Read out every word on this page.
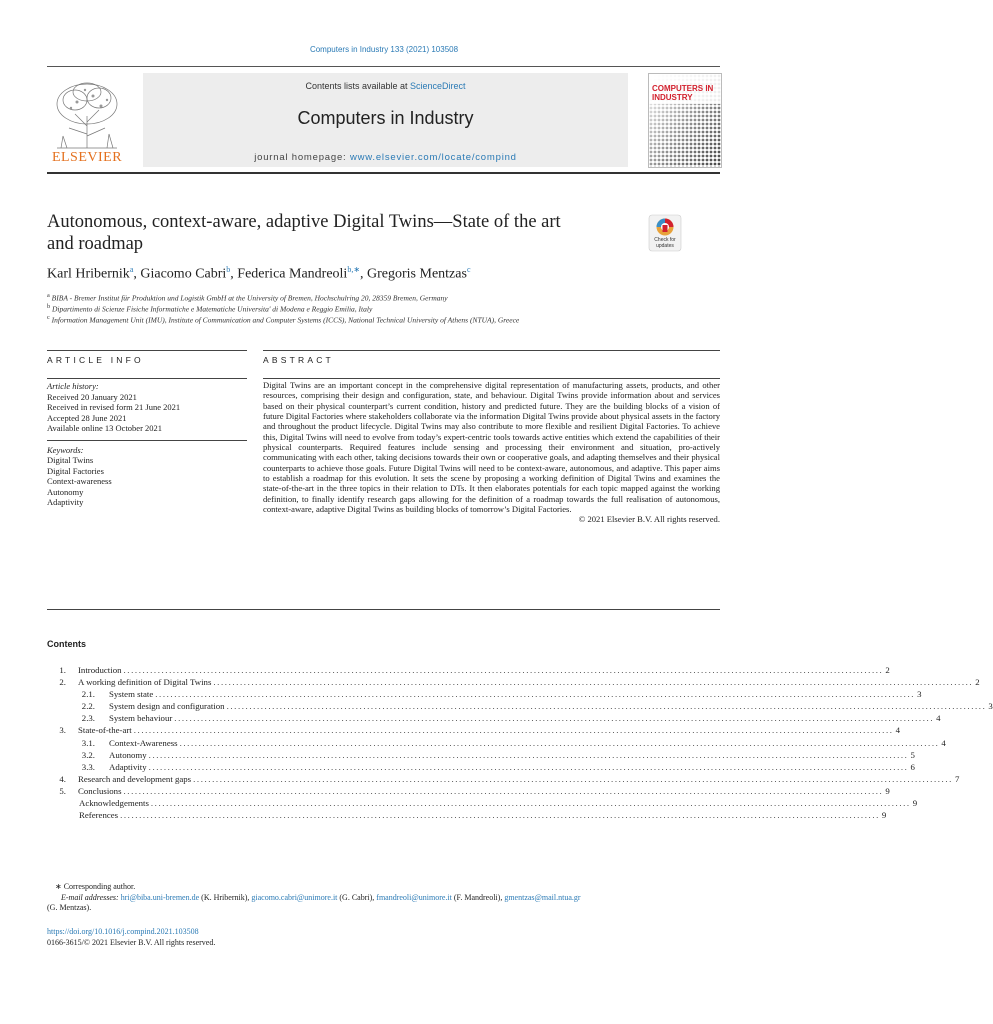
Computers in Industry 133 (2021) 103508
ELSEVIER
Contents lists available at ScienceDirect
Computers in Industry
journal homepage: www.elsevier.com/locate/compind
COMPUTERS IN
INDUSTRY
Autonomous, context-aware, adaptive Digital Twins—State of the art
and roadmap	Check for
updates
Karl Hribernik$^a$, Giacomo Cabri$^b$, Federica Mandreoli$^{b,∗}$, Gregoris Mentzas$^c$
$^a$ BIBA - Bremer Institut für Produktion und Logistik GmbH at the University of Bremen, Hochschulring 20, 28359 Bremen, Germany
$^b$ Dipartimento di Scienze Fisiche Informatiche e Matematiche Universita' di Modena e Reggio Emilia, Italy
$^c$ Information Management Unit (IMU), Institute of Communication and Computer Systems (ICCS), National Technical University of Athens (NTUA), Greece
ARTICLE INFO	ABSTRACT
Article history:
Received 20 January 2021
Received in revised form 21 June 2021
Accepted 28 June 2021
Available online 13 October 2021
Keywords:
Digital Twins
Digital Factories
Context-awareness
Autonomy
Adaptivity
Digital Twins are an important concept in the comprehensive digital representation of manufacturing assets, products, and other resources, comprising their design and configuration, state, and behaviour. Digital Twins provide information about and services based on their physical counterpart’s current condition, history and predicted future. They are the building blocks of a vision of future Digital Factories where stakeholders collaborate via the information Digital Twins provide about physical assets in the factory and throughout the product lifecycle. Digital Twins may also contribute to more flexible and resilient Digital Factories. To achieve this, Digital Twins will need to evolve from today’s expert-centric tools towards active entities which extend the capabilities of their physical counterparts. Required features include sensing and processing their environment and situation, pro-actively communicating with each other, taking decisions towards their own or cooperative goals, and adapting themselves and their physical counterparts to achieve those goals. Future Digital Twins will need to be context-aware, autonomous, and adaptive. This paper aims to establish a roadmap for this evolution. It sets the scene by proposing a working definition of Digital Twins and examines the state-of-the-art in the three topics in their relation to DTs. It then elaborates potentials for each topic mapped against the working definition, to finally identify research gaps allowing for the definition of a roadmap towards the full realisation of autonomous, context-aware, adaptive Digital Twins as building blocks of tomorrow’s Digital Factories.
© 2021 Elsevier B.V. All rights reserved.
Contents
1.	Introduction ........................................................................................................................................................................................................ 2
2.	A working definition of Digital Twins ........................................................................................................................................................................................................ 2
2.1.	System state ........................................................................................................................................................................................................ 3
2.2.	System design and configuration ........................................................................................................................................................................................................ 3
2.3.	System behaviour ........................................................................................................................................................................................................ 4
3.	State-of-the-art ........................................................................................................................................................................................................ 4
3.1.	Context-Awareness ........................................................................................................................................................................................................ 4
3.2.	Autonomy ........................................................................................................................................................................................................ 5
3.3.	Adaptivity ........................................................................................................................................................................................................ 6
4.	Research and development gaps ........................................................................................................................................................................................................ 7
5.	Conclusions ........................................................................................................................................................................................................ 9
Acknowledgements ........................................................................................................................................................................................................ 9
References ........................................................................................................................................................................................................ 9
∗ Corresponding author.
E-mail addresses: hri@biba.uni-bremen.de (K. Hribernik), giacomo.cabri@unimore.it (G. Cabri), fmandreoli@unimore.it (F. Mandreoli), gmentzas@mail.ntua.gr
(G. Mentzas).
https://doi.org/10.1016/j.compind.2021.103508
0166-3615/© 2021 Elsevier B.V. All rights reserved.
